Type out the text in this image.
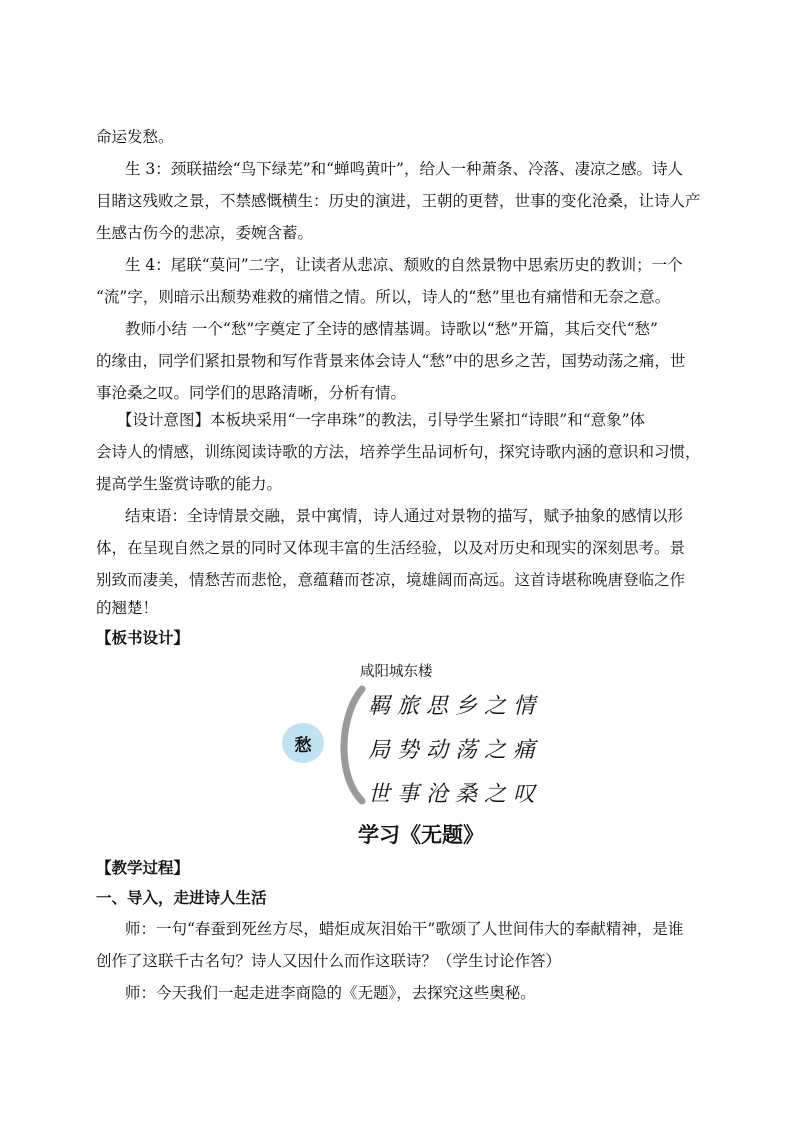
命运发愁。
生 3：颈联描绘“鸟下绿芜”和“蝉鸣黄叶”，给人一种萧条、冷落、凄凉之感。诗人
目睹这残败之景，不禁感慨横生：历史的演进，王朝的更替，世事的变化沧桑，让诗人产
生感古伤今的悲凉，委婉含蓄。
生 4：尾联“莫问”二字，让读者从悲凉、颓败的自然景物中思索历史的教训；一个
“流”字，则暗示出颓势难救的痛惜之情。所以，诗人的“愁”里也有痛惜和无奈之意。
教师小结 一个“愁”字奠定了全诗的感情基调。诗歌以“愁”开篇，其后交代“愁”
的缘由，同学们紧扣景物和写作背景来体会诗人“愁”中的思乡之苦，国势动荡之痛，世
事沧桑之叹。同学们的思路清晰，分析有情。
【设计意图】本板块采用“一字串珠”的教法，引导学生紧扣“诗眼”和“意象”体
会诗人的情感，训练阅读诗歌的方法，培养学生品词析句，探究诗歌内涵的意识和习惯，
提高学生鉴赏诗歌的能力。
结束语：全诗情景交融，景中寓情，诗人通过对景物的描写，赋予抽象的感情以形
体，在呈现自然之景的同时又体现丰富的生活经验，以及对历史和现实的深刻思考。景
别致而凄美，情愁苦而悲怆，意蕴藉而苍凉，境雄阔而高远。这首诗堪称晚唐登临之作
的翘楚！
【板书设计】
咸阳城东楼
愁
羁旅思乡之情
局势动荡之痛
世事沧桑之叹
学习《无题》
【教学过程】
一、导入，走进诗人生活
师：一句“春蚕到死丝方尽，蜡炬成灰泪始干”歌颂了人世间伟大的奉献精神，是谁
创作了这联千古名句？诗人又因什么而作这联诗？（学生讨论作答）
师：今天我们一起走进李商隐的《无题》，去探究这些奥秘。
